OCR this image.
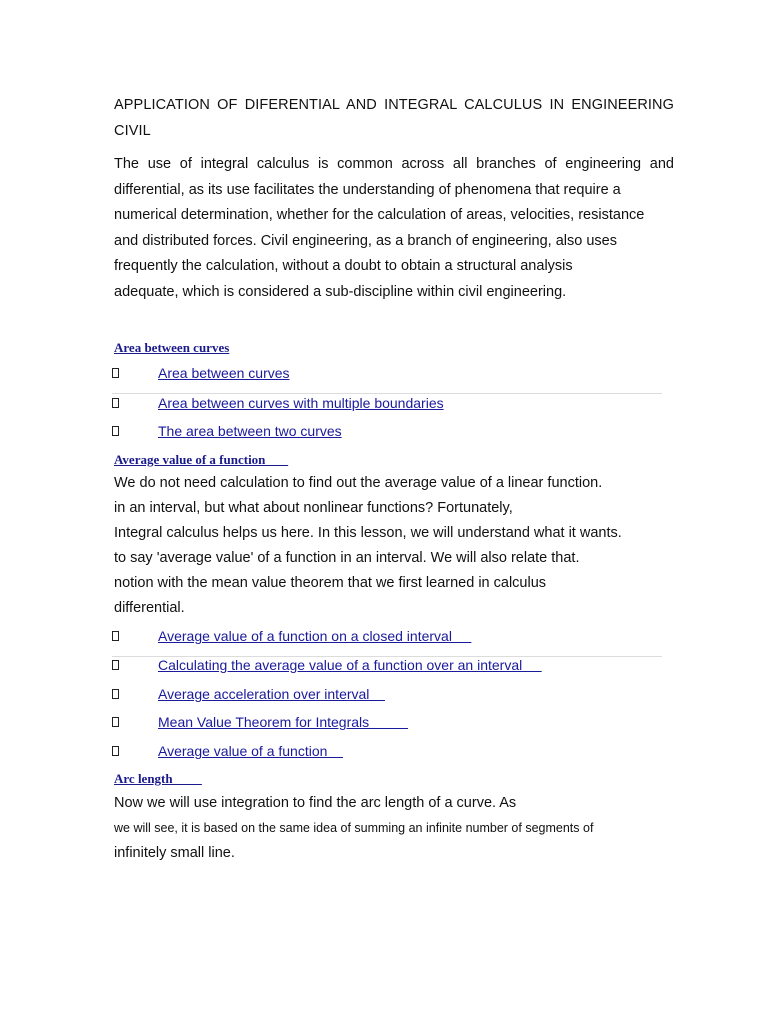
APPLICATION OF DIFERENTIAL AND INTEGRAL CALCULUS IN ENGINEERING CIVIL
The use of integral calculus is common across all branches of engineering and
differential, as its use facilitates the understanding of phenomena that require a
numerical determination, whether for the calculation of areas, velocities, resistance
and distributed forces. Civil engineering, as a branch of engineering, also uses
frequently the calculation, without a doubt to obtain a structural analysis
adequate, which is considered a sub-discipline within civil engineering.
Area between curves
Area between curves
Area between curves with multiple boundaries
The area between two curves
Average value of a function
We do not need calculation to find out the average value of a linear function.
in an interval, but what about nonlinear functions? Fortunately,
Integral calculus helps us here. In this lesson, we will understand what it wants.
to say 'average value' of a function in an interval. We will also relate that.
notion with the mean value theorem that we first learned in calculus
differential.
Average value of a function on a closed interval
Calculating the average value of a function over an interval
Average acceleration over interval
Mean Value Theorem for Integrals
Average value of a function
Arc length
Now we will use integration to find the arc length of a curve. As
we will see, it is based on the same idea of summing an infinite number of segments of
infinitely small line.
